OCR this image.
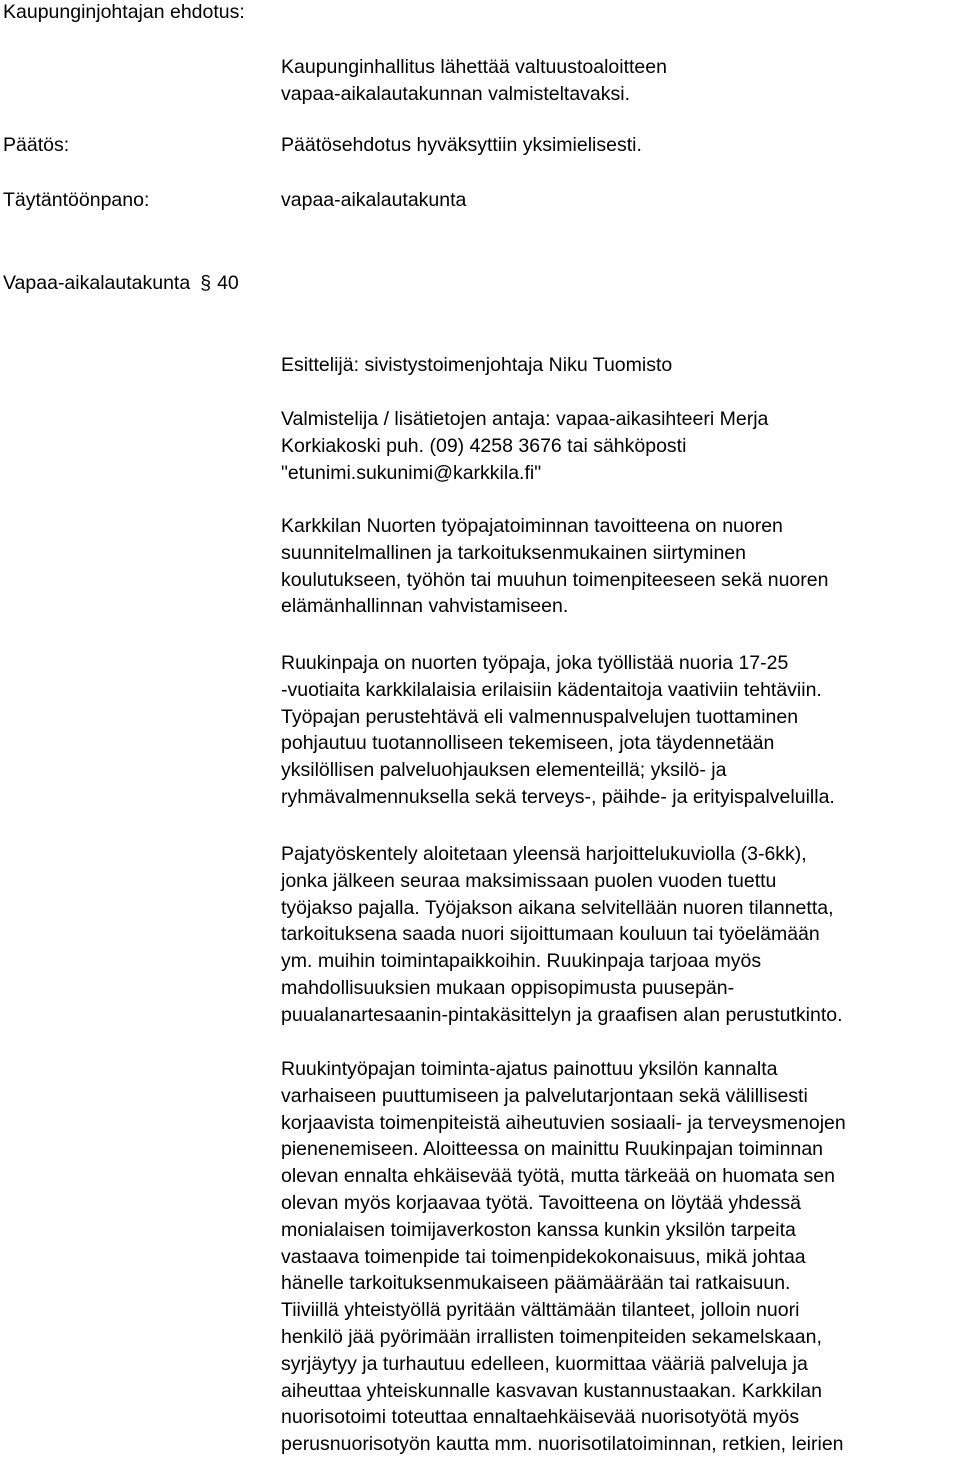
Kaupunginjohtajan ehdotus:
Kaupunginhallitus lähettää valtuustoaloitteen
vapaa-aikalautakunnan valmisteltavaksi.
Päätös:	Päätösehdotus hyväksyttiin yksimielisesti.
Täytäntöönpano:	vapaa-aikalautakunta
Vapaa-aikalautakunta § 40
Esittelijä: sivistystoimenjohtaja Niku Tuomisto
Valmistelija / lisätietojen antaja: vapaa-aikasihteeri Merja
Korkiakoski puh. (09) 4258 3676 tai sähköposti
"etunimi.sukunimi@karkkila.fi"
Karkkilan Nuorten työpajatoiminnan tavoitteena on nuoren
suunnitelmallinen ja tarkoituksenmukainen siirtyminen
koulutukseen, työhön tai muuhun toimenpiteeseen sekä nuoren
elämänhallinnan vahvistamiseen.
Ruukinpaja on nuorten työpaja, joka työllistää nuoria 17-25
-vuotiaita karkkilalaisia erilaisiin kädentaitoja vaativiin tehtäviin.
Työpajan perustehtävä eli valmennuspalvelujen tuottaminen
pohjautuu tuotannolliseen tekemiseen, jota täydennetään
yksilöllisen palveluohjauksen elementeillä; yksilö- ja
ryhmävalmennuksella sekä terveys-, päihde- ja erityispalveluilla.
Pajatyöskentely aloitetaan yleensä harjoittelukuviolla (3-6kk),
jonka jälkeen seuraa maksimissaan puolen vuoden tuettu
työjakso pajalla. Työjakson aikana selvitellään nuoren tilannetta,
tarkoituksena saada nuori sijoittumaan kouluun tai työelämään
ym. muihin toimintapaikkoihin. Ruukinpaja tarjoaa myös
mahdollisuuksien mukaan oppisopimusta puusepän-
puualanartesaanin-pintakäsittelyn ja graafisen alan perustutkinto.
Ruukintyöpajan toiminta-ajatus painottuu yksilön kannalta
varhaiseen puuttumiseen ja palvelutarjontaan sekä välillisesti
korjaavista toimenpiteistä aiheutuvien sosiaali- ja terveysmenojen
pienenemiseen. Aloitteessa on mainittu Ruukinpajan toiminnan
olevan ennalta ehkäisevää työtä, mutta tärkeää on huomata sen
olevan myös korjaavaa työtä. Tavoitteena on löytää yhdessä
monialaisen toimijaverkoston kanssa kunkin yksilön tarpeita
vastaava toimenpide tai toimenpidekokonaisuus, mikä johtaa
hänelle tarkoituksenmukaiseen päämäärään tai ratkaisuun.
Tiiviillä yhteistyöllä pyritään välttämään tilanteet, jolloin nuori
henkilö jää pyörimään irrallisten toimenpiteiden sekamelskaan,
syrjäytyy ja turhautuu edelleen, kuormittaa vääriä palveluja ja
aiheuttaa yhteiskunnalle kasvavan kustannustaakan. Karkkilan
nuorisotoimi toteuttaa ennaltaehkäisevää nuorisotyötä myös
perusnuorisotyön kautta mm. nuorisotilatoiminnan, retkien, leirien
